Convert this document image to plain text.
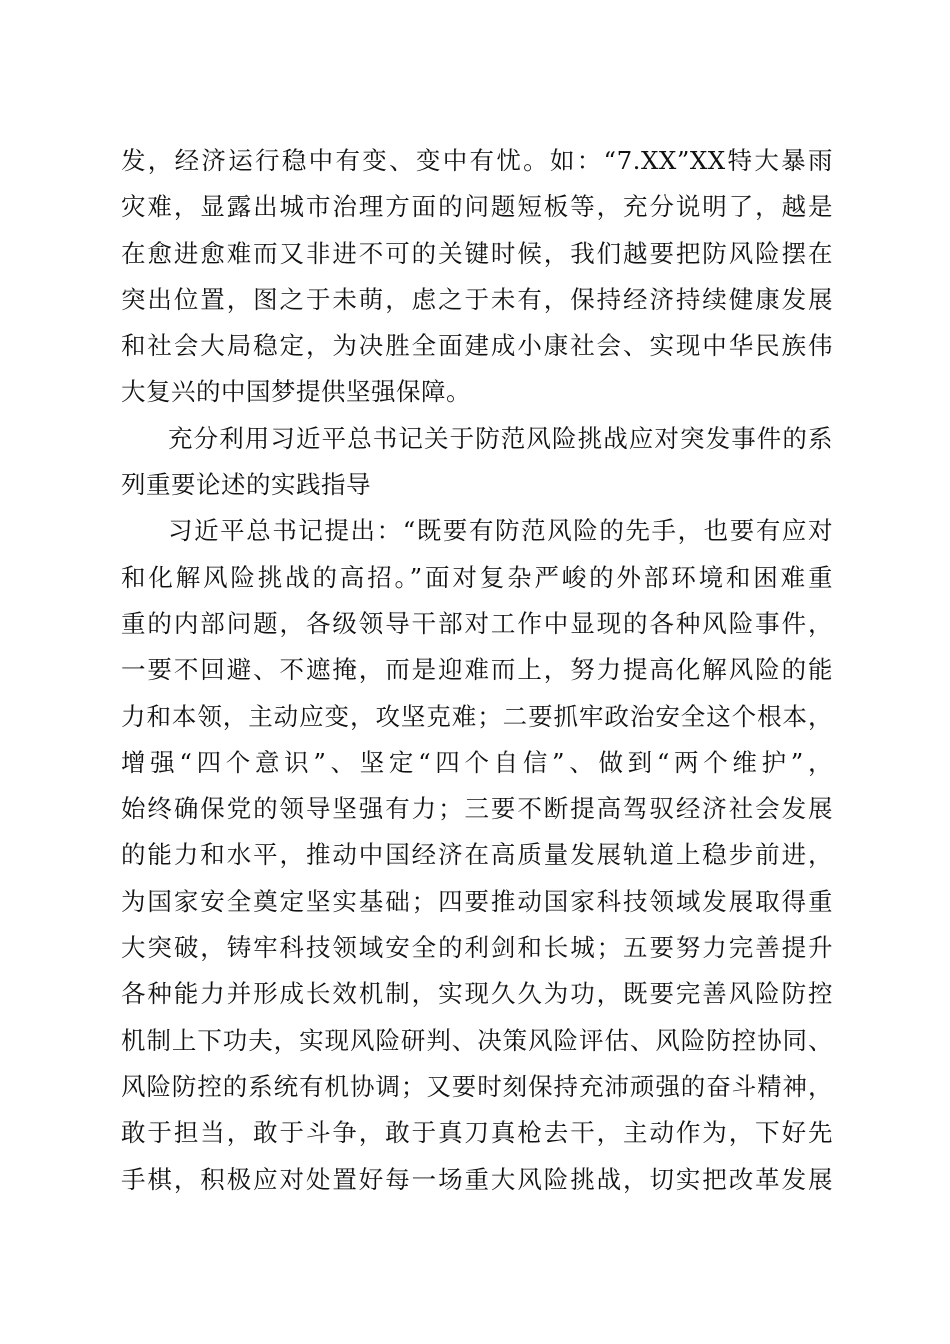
发，经济运行稳中有变、变中有忧。如：“7.XX”XX特大暴雨
灾难，显露出城市治理方面的问题短板等，充分说明了，越是
在愈进愈难而又非进不可的关键时候，我们越要把防风险摆在
突出位置，图之于未萌，虑之于未有，保持经济持续健康发展
和社会大局稳定，为决胜全面建成小康社会、实现中华民族伟
大复兴的中国梦提供坚强保障。
充分利用习近平总书记关于防范风险挑战应对突发事件的系
列重要论述的实践指导
习近平总书记提出：“既要有防范风险的先手，也要有应对
和化解风险挑战的高招。”面对复杂严峻的外部环境和困难重
重的内部问题，各级领导干部对工作中显现的各种风险事件，
一要不回避、不遮掩，而是迎难而上，努力提高化解风险的能
力和本领，主动应变，攻坚克难；二要抓牢政治安全这个根本，
增强“四个意识”、坚定“四个自信”、做到“两个维护”，
始终确保党的领导坚强有力；三要不断提高驾驭经济社会发展
的能力和水平，推动中国经济在高质量发展轨道上稳步前进，
为国家安全奠定坚实基础；四要推动国家科技领域发展取得重
大突破，铸牢科技领域安全的利剑和长城；五要努力完善提升
各种能力并形成长效机制，实现久久为功，既要完善风险防控
机制上下功夫，实现风险研判、决策风险评估、风险防控协同、
风险防控的系统有机协调；又要时刻保持充沛顽强的奋斗精神，
敢于担当，敢于斗争，敢于真刀真枪去干，主动作为，下好先
手棋，积极应对处置好每一场重大风险挑战，切实把改革发展
